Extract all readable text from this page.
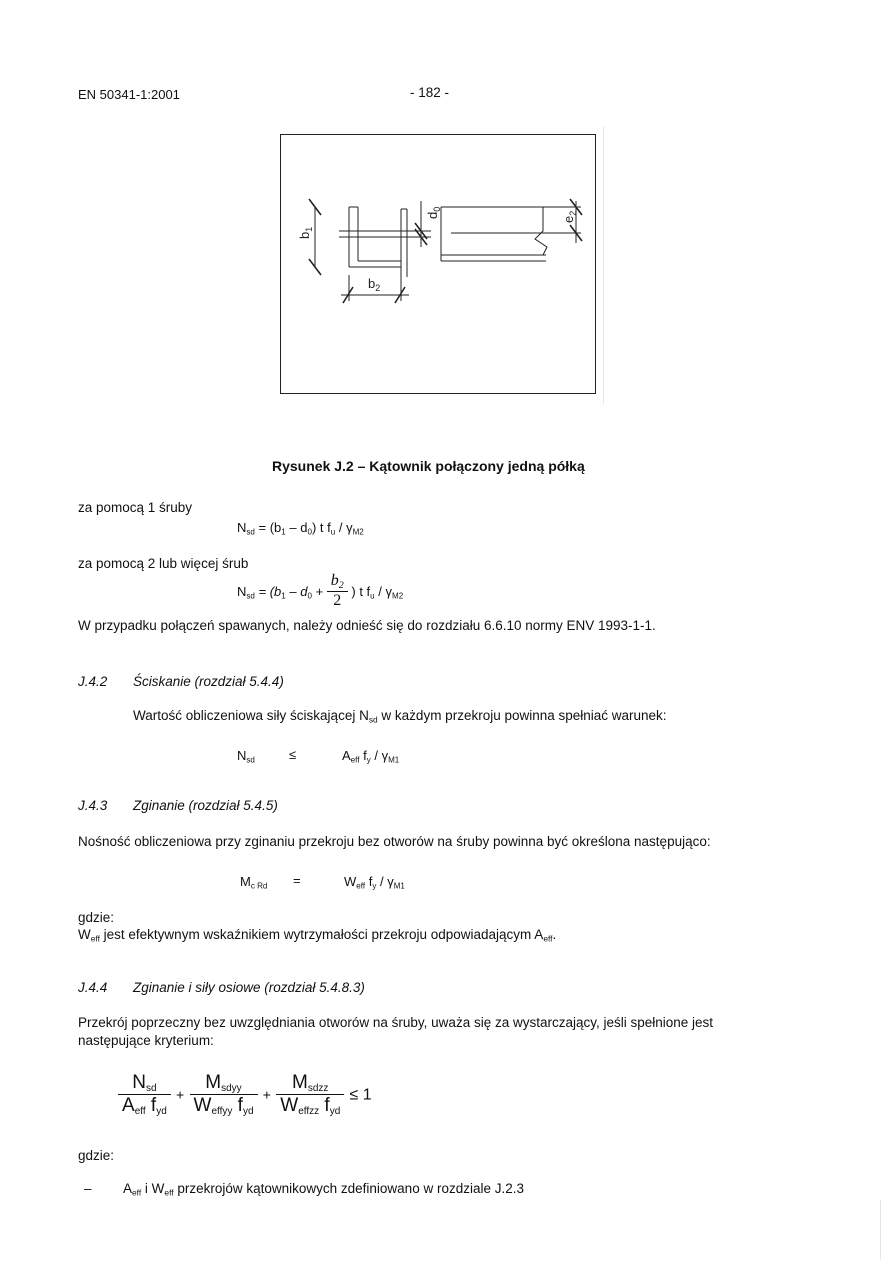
EN 50341-1:2001	- 182 -
$b_1$
$b_2$
$d_0$
$e_2$
Rysunek J.2 – Kątownik połączony jedną półką
za pomocą 1 śruby
$N_{sd} = (b_1 - d_0)$ t $f_u / \gamma_{M2}$
za pomocą 2 lub więcej śrub
$N_{sd} = (b_1 - d_0 + \frac{b_2}{2}$ ) t $f_u / \gamma_{M2}$
W przypadku połączeń spawanych, należy odnieść się do rozdziału 6.6.10 normy ENV 1993-1-1.
J.4.2 Ściskanie (rozdział 5.4.4)
Wartość obliczeniowa siły ściskającej $N_{sd}$ w każdym przekroju powinna spełniać warunek:
$N_{sd}$	≤	$A_{eff}$ $f_y / \gamma_{M1}$
J.4.3 Zginanie (rozdział 5.4.5)
Nośność obliczeniowa przy zginaniu przekroju bez otworów na śruby powinna być określona następująco:
$M_{c Rd}$ =	$W_{eff}$ $f_y / \gamma_{M1}$
gdzie:
$W_{eff}$ jest efektywnym wskaźnikiem wytrzymałości przekroju odpowiadającym $A_{eff}$.
J.4.4 Zginanie i siły osiowe (rozdział 5.4.8.3)
Przekrój poprzeczny bez uwzględniania otworów na śruby, uważa się za wystarczający, jeśli spełnione jest
następujące kryterium:
$\frac{N_{sd}}{A_{eff} f_{yd}} + \frac{M_{sdyy}}{W_{effyy} f_{yd}} + \frac{M_{sdzz}}{W_{effzz} f_{yd}} \le 1$
gdzie:
– $A_{eff}$ i $W_{eff}$ przekrojów kątownikowych zdefiniowano w rozdziale J.2.3
